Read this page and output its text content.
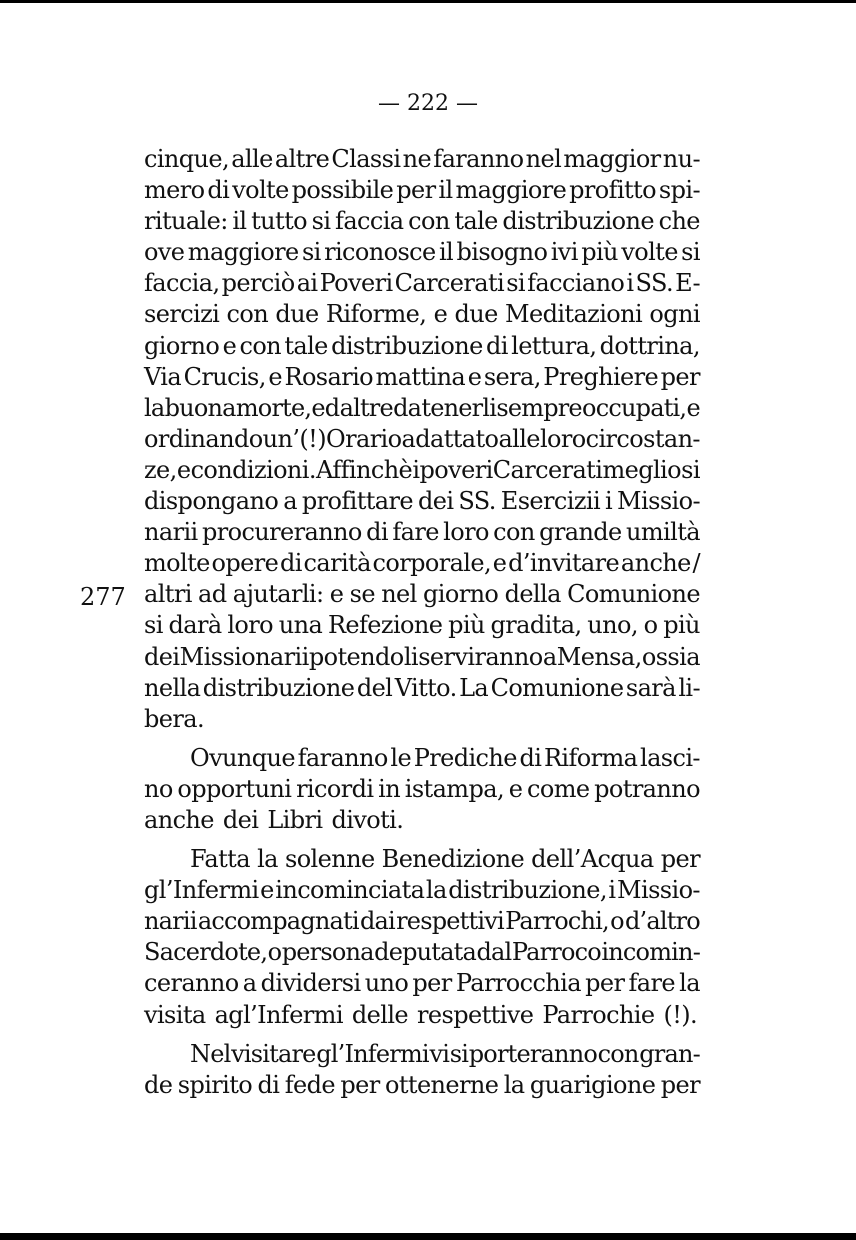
— 222 —
277
cinque, alle altre Classi ne faranno nel maggior nu-
mero di volte possibile per il maggiore profitto spi-
rituale: il tutto si faccia con tale distribuzione che
ove maggiore si riconosce il bisogno ivi più volte si
faccia, perciò ai Poveri Carcerati si facciano i SS. E-
sercizi con due Riforme, e due Meditazioni ogni
giorno e con tale distribuzione di lettura, dottrina,
Via Crucis, e Rosario mattina e sera, Preghiere per
la buona morte, ed altre da tenerli sempre occupati, e
ordinando un’ (!) Orario adattato alle loro circostan-
ze, e condizioni. Affinchè i poveri Carcerati meglio si
dispongano a profittare dei SS. Esercizii i Missio-
narii procureranno di fare loro con grande umiltà
molte opere di carità corporale, e d’invitare anche /
altri ad ajutarli: e se nel giorno della Comunione
si darà loro una Refezione più gradita, uno, o più
dei Missionarii potendo li serviranno a Mensa, ossia
nella distribuzione del Vitto. La Comunione sarà li-
bera.
Ovunque faranno le Prediche di Riforma lasci-
no opportuni ricordi in istampa, e come potranno
anche dei Libri divoti.
Fatta la solenne Benedizione dell’Acqua per
gl’Infermi e incominciata la distribuzione, i Missio-
narii accompagnati dai respettivi Parrochi, o d’altro
Sacerdote, o persona deputata dal Parroco incomin-
ceranno a dividersi uno per Parrocchia per fare la
visita agl’Infermi delle respettive Parrochie (!).
Nel visitare gl’Infermi vi si porteranno con gran-
de spirito di fede per ottenerne la guarigione per
